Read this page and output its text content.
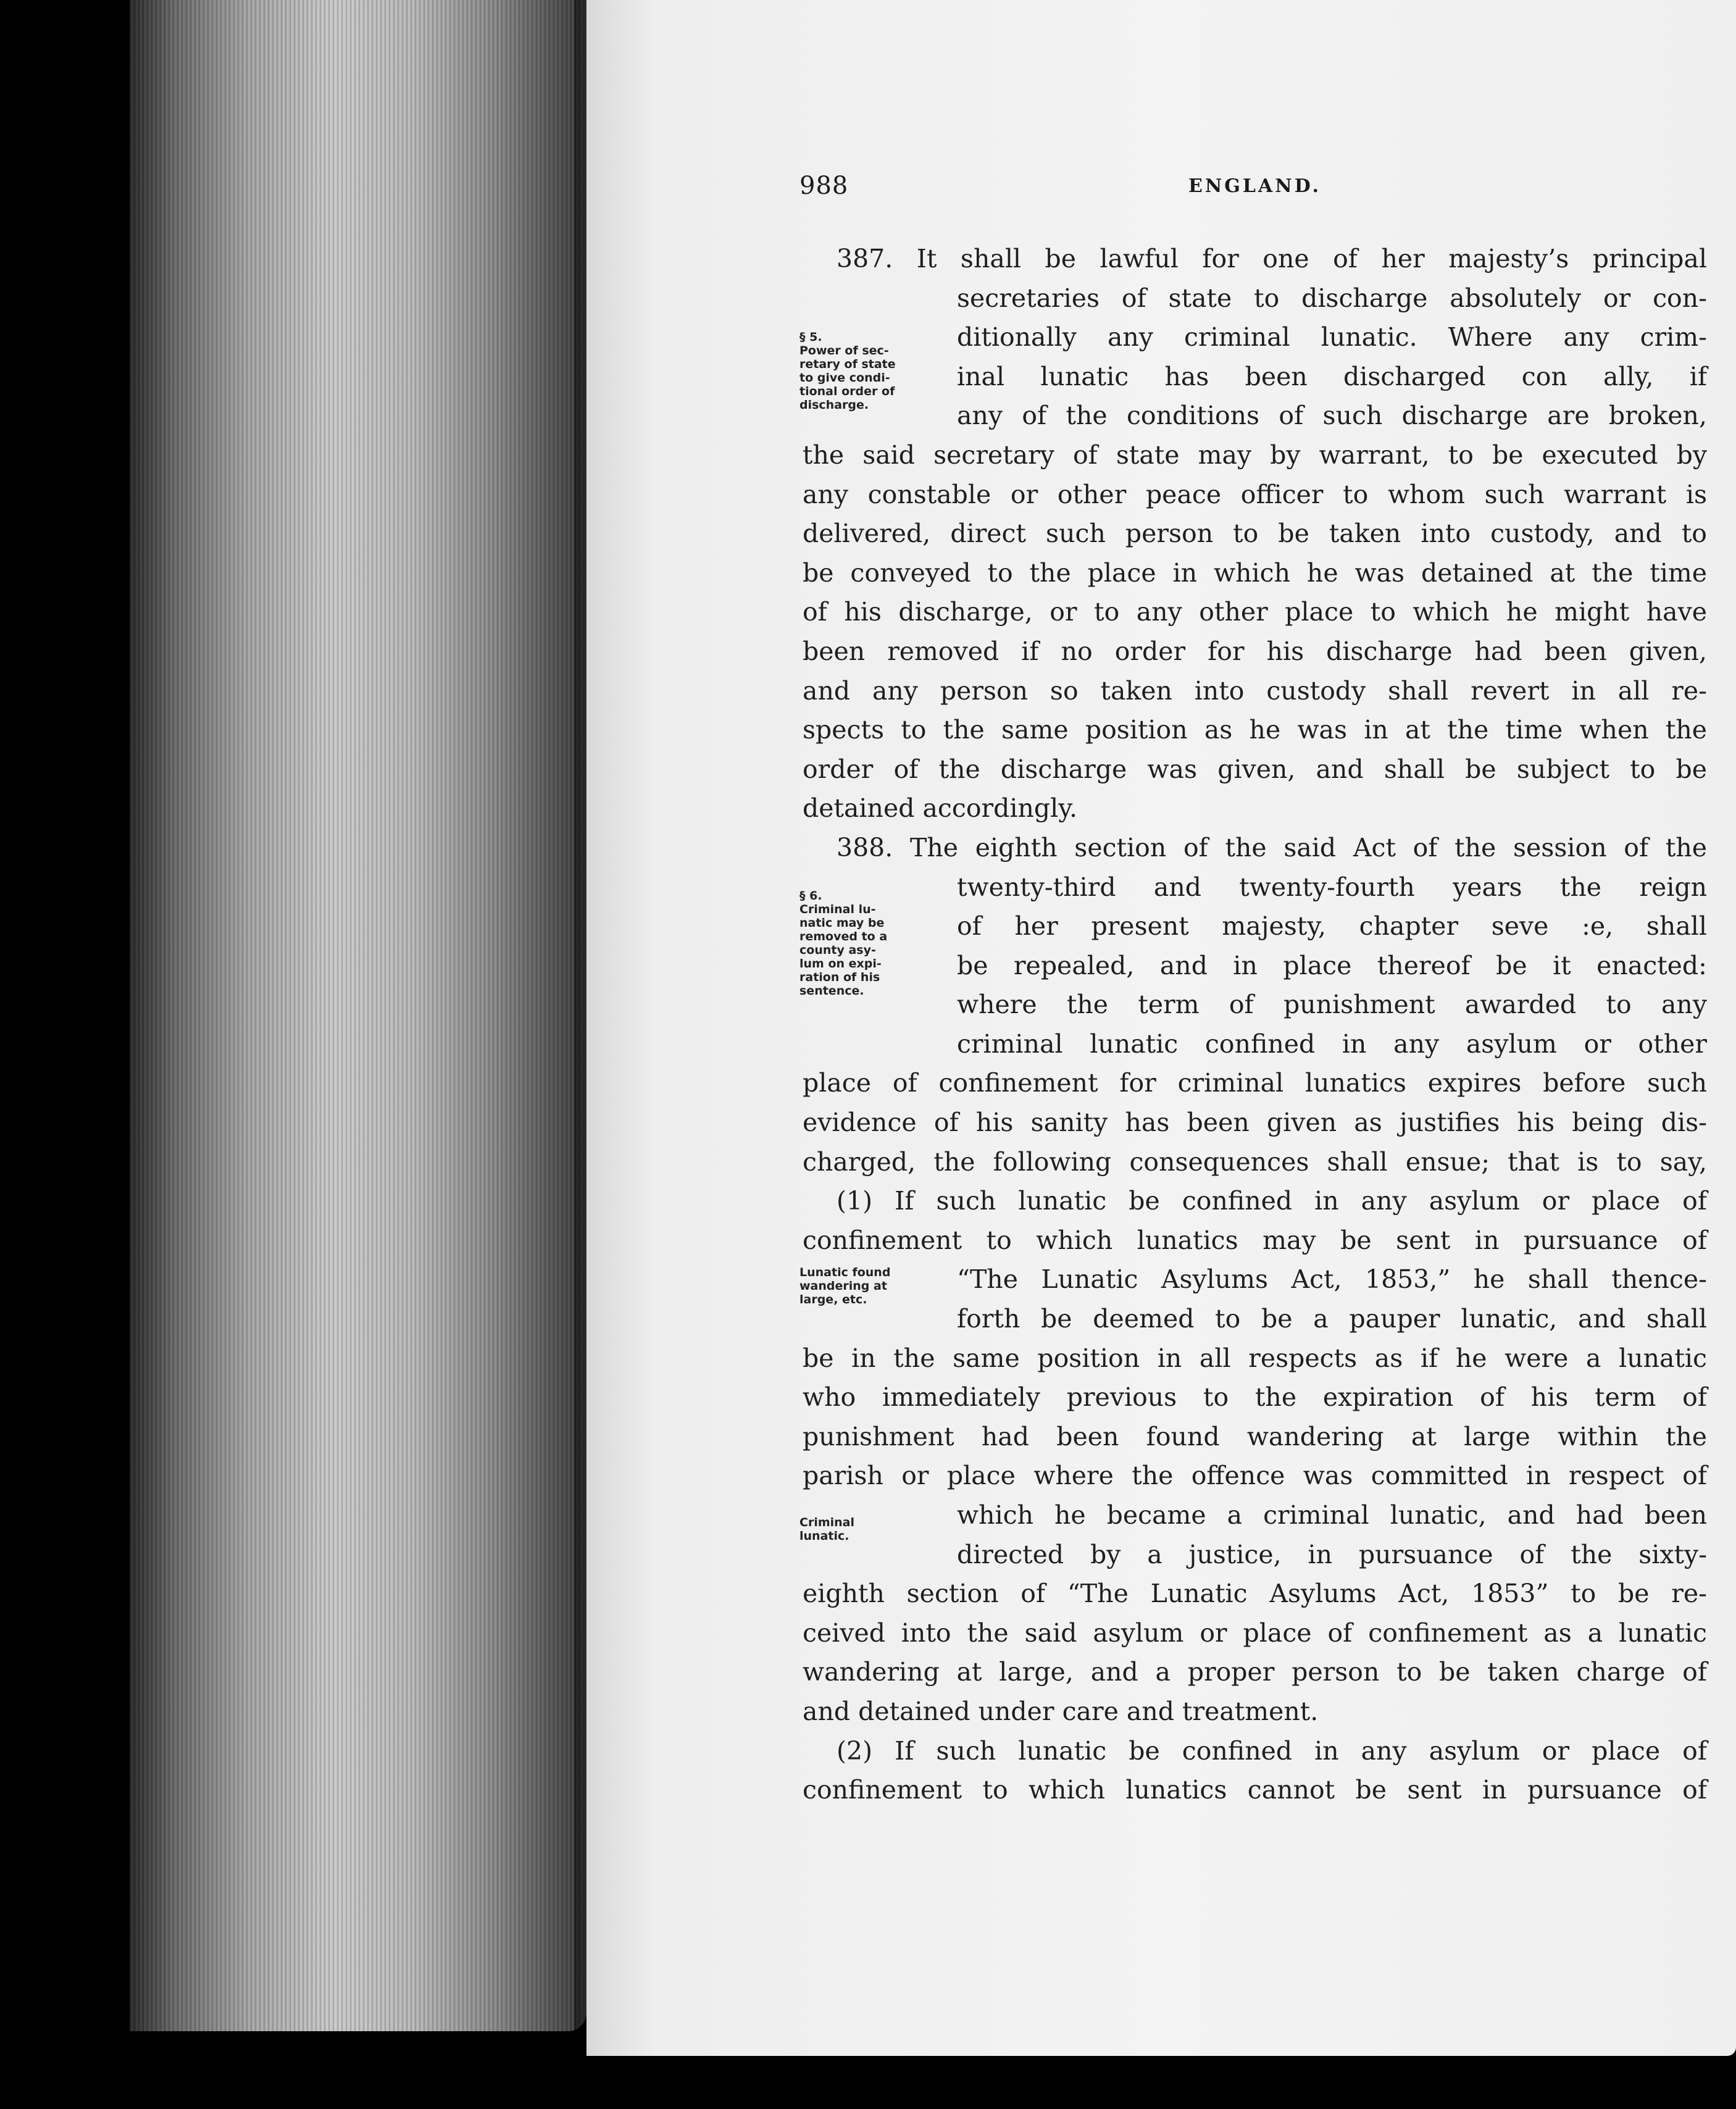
988	ENGLAND.
§ 5.
Power of sec-
retary of state
to give condi-
tional order of
discharge.
§ 6.
Criminal lu-
natic may be
removed to a
county asy-
lum on expi-
ration of his
sentence.
Lunatic found
wandering at
large, etc.
Criminal
lunatic.
387. It shall be lawful for one of her majesty’s principal
secretaries of state to discharge absolutely or con-
ditionally any criminal lunatic. Where any crim-
inal lunatic has been discharged con ally, if
any of the conditions of such discharge are broken,
the said secretary of state may by warrant, to be executed by
any constable or other peace officer to whom such warrant is
delivered, direct such person to be taken into custody, and to
be conveyed to the place in which he was detained at the time
of his discharge, or to any other place to which he might have
been removed if no order for his discharge had been given,
and any person so taken into custody shall revert in all re-
spects to the same position as he was in at the time when the
order of the discharge was given, and shall be subject to be
detained accordingly.
388. The eighth section of the said Act of the session of the
twenty-third and twenty-fourth years the reign
of her present majesty, chapter seve :e, shall
be repealed, and in place thereof be it enacted:
where the term of punishment awarded to any
criminal lunatic confined in any asylum or other
place of confinement for criminal lunatics expires before such
evidence of his sanity has been given as justifies his being dis-
charged, the following consequences shall ensue; that is to say,
(1) If such lunatic be confined in any asylum or place of
confinement to which lunatics may be sent in pursuance of
“The Lunatic Asylums Act, 1853,” he shall thence-
forth be deemed to be a pauper lunatic, and shall
be in the same position in all respects as if he were a lunatic
who immediately previous to the expiration of his term of
punishment had been found wandering at large within the
parish or place where the offence was committed in respect of
which he became a criminal lunatic, and had been
directed by a justice, in pursuance of the sixty-
eighth section of “The Lunatic Asylums Act, 1853” to be re-
ceived into the said asylum or place of confinement as a lunatic
wandering at large, and a proper person to be taken charge of
and detained under care and treatment.
(2) If such lunatic be confined in any asylum or place of
confinement to which lunatics cannot be sent in pursuance of
